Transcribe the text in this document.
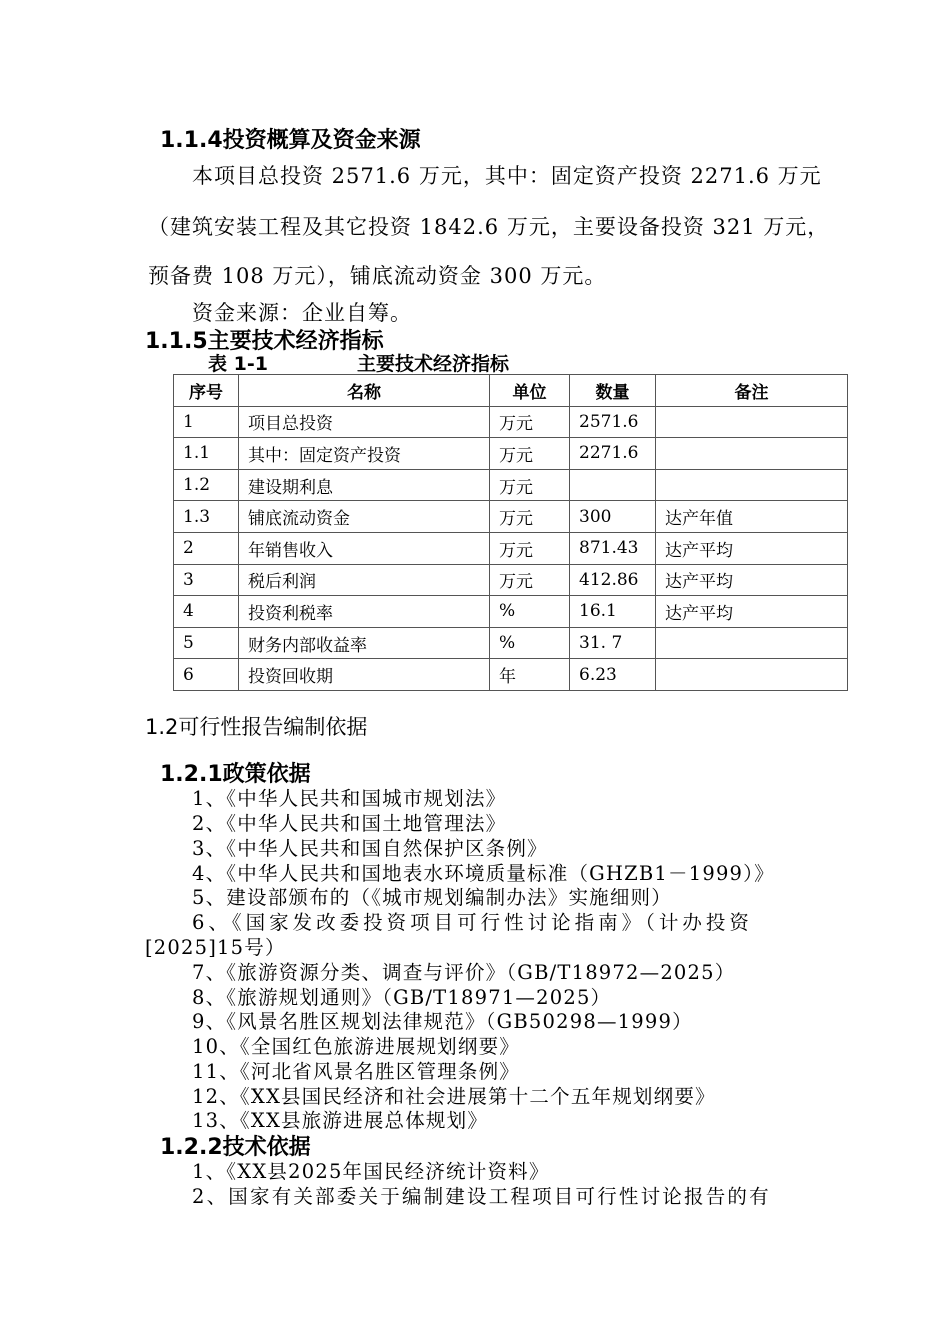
1.1.4投资概算及资金来源
本项目总投资 2571.6 万元，其中：固定资产投资 2271.6 万元
（建筑安装工程及其它投资 1842.6 万元，主要设备投资 321 万元，
预备费 108 万元），铺底流动资金 300 万元。
资金来源：企业自筹。
1.1.5主要技术经济指标
表 1-1	主要技术经济指标
序号	名称	单位	数量	备注
1	项目总投资	万元	2571.6	
1.1	其中：固定资产投资	万元	2271.6	
1.2	建设期利息	万元		
1.3	铺底流动资金	万元	300	达产年值
2	年销售收入	万元	871.43	达产平均
3	税后利润	万元	412.86	达产平均
4	投资利税率	%	16.1	达产平均
5	财务内部收益率	%	31. 7	
6	投资回收期	年	6.23	
1.2可行性报告编制依据
1.2.1政策依据
1、《中华人民共和国城市规划法》
2、《中华人民共和国土地管理法》
3、《中华人民共和国自然保护区条例》
4、《中华人民共和国地表水环境质量标准（GHZB1－1999）》
5、建设部颁布的（《城市规划编制办法》实施细则）
6、《国家发改委投资项目可行性讨论指南》（计办投资
[2025]15号）
7、《旅游资源分类、调查与评价》（GB/T18972—2025）
8、《旅游规划通则》（GB/T18971—2025）
9、《风景名胜区规划法律规范》（GB50298—1999）
10、《全国红色旅游进展规划纲要》
11、《河北省风景名胜区管理条例》
12、《XX县国民经济和社会进展第十二个五年规划纲要》
13、《XX县旅游进展总体规划》
1.2.2技术依据
1、《XX县2025年国民经济统计资料》
2、国家有关部委关于编制建设工程项目可行性讨论报告的有
